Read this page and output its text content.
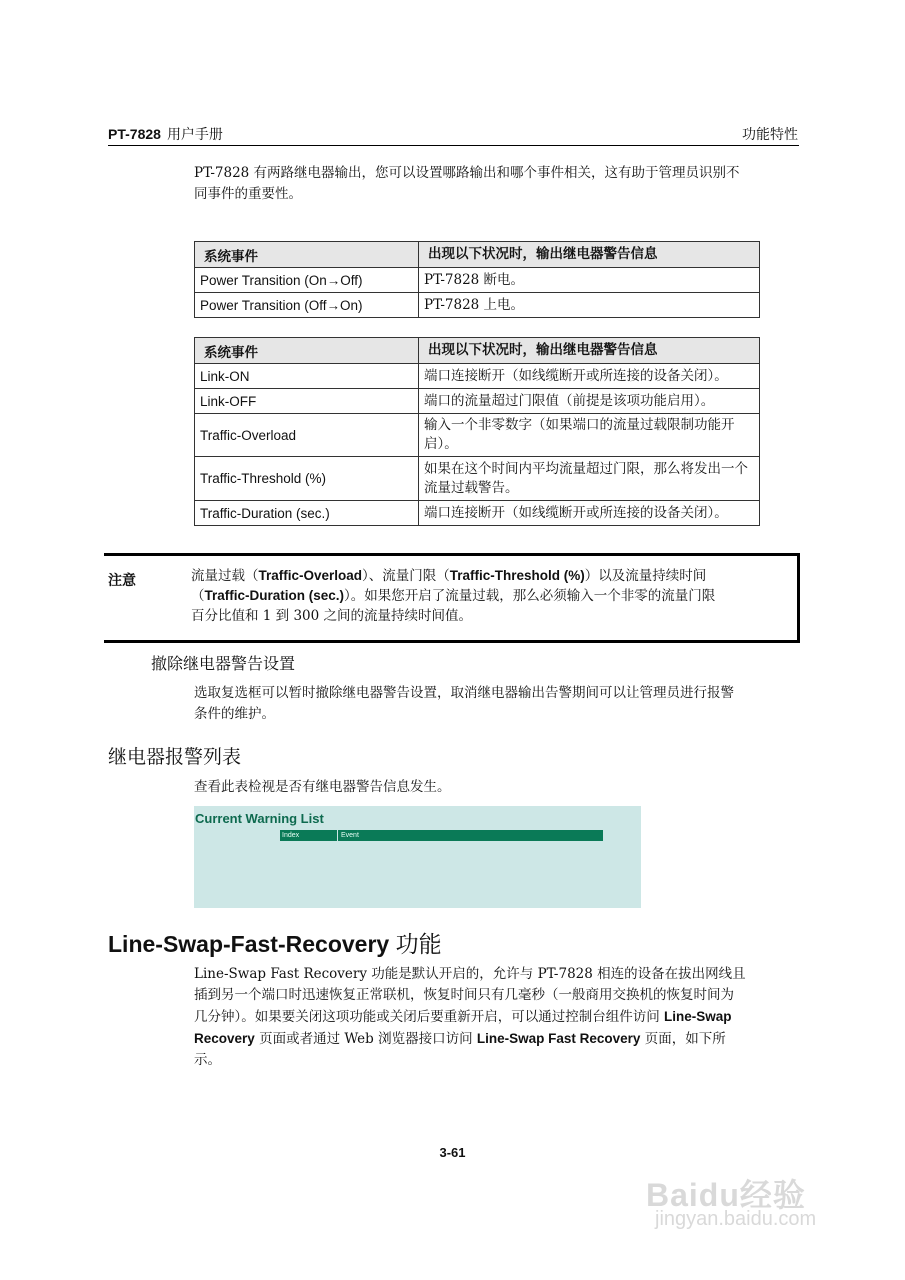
PT-7828 用户手册	功能特性
PT-7828 有两路继电器输出，您可以设置哪路输出和哪个事件相关，这有助于管理员识别不
同事件的重要性。
系统事件	出现以下状况时，输出继电器警告信息
Power Transition (On→Off)	PT-7828 断电。
Power Transition (Off→On)	PT-7828 上电。
系统事件	出现以下状况时，输出继电器警告信息
Link-ON	端口连接断开（如线缆断开或所连接的设备关闭）。
Link-OFF	端口的流量超过门限值（前提是该项功能启用）。
Traffic-Overload	输入一个非零数字（如果端口的流量过载限制功能开启）。
Traffic-Threshold (%)	如果在这个时间内平均流量超过门限，那么将发出一个流量过载警告。
Traffic-Duration (sec.)	端口连接断开（如线缆断开或所连接的设备关闭）。
注意	流量过载（Traffic-Overload）、流量门限（Traffic-Threshold (%)）以及流量持续时间
（Traffic-Duration (sec.)）。如果您开启了流量过载，那么必须输入一个非零的流量门限
百分比值和 1 到 300 之间的流量持续时间值。
撤除继电器警告设置
选取复选框可以暂时撤除继电器警告设置，取消继电器输出告警期间可以让管理员进行报警
条件的维护。
继电器报警列表
查看此表检视是否有继电器警告信息发生。
Current Warning List
Index	Event
Line-Swap-Fast-Recovery 功能
Line-Swap Fast Recovery 功能是默认开启的，允许与 PT-7828 相连的设备在拔出网线且
插到另一个端口时迅速恢复正常联机，恢复时间只有几毫秒（一般商用交换机的恢复时间为
几分钟）。如果要关闭这项功能或关闭后要重新开启，可以通过控制台组件访问 Line-Swap
Recovery 页面或者通过 Web 浏览器接口访问 Line-Swap Fast Recovery 页面，如下所
示。
3-61
Baidu经验
jingyan.baidu.com
